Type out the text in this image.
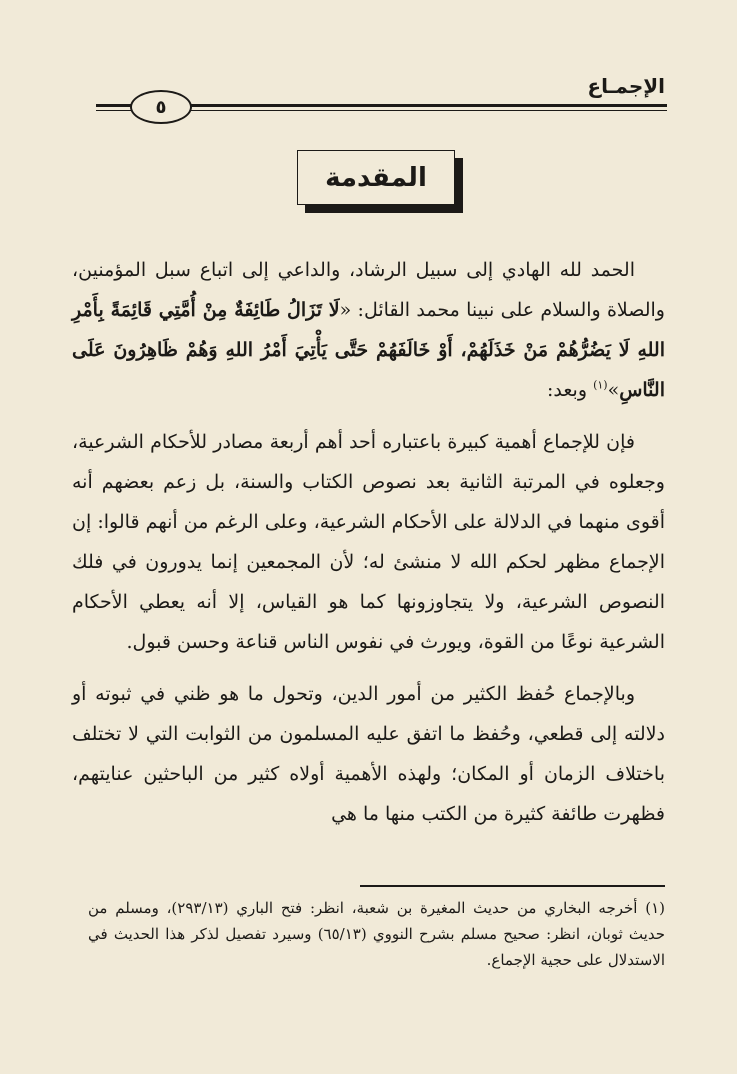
الإجمـاع
٥
المقدمة

الحمد لله الهادي إلى سبيل الرشاد، والداعي إلى اتباع سبل المؤمنين، والصلاة والسلام على نبينا محمد القائل: «لَا تَزَالُ طَائِفَةٌ مِنْ أُمَّتِي قَائِمَةً بِأَمْرِ اللهِ لَا يَضُرُّهُمْ مَنْ خَذَلَهُمْ، أَوْ خَالَفَهُمْ حَتَّى يَأْتِيَ أَمْرُ اللهِ وَهُمْ ظَاهِرُونَ عَلَى النَّاسِ»$^{(١)}$ وبعد:

فإن للإجماع أهمية كبيرة باعتباره أحد أهم أربعة مصادر للأحكام الشرعية، وجعلوه في المرتبة الثانية بعد نصوص الكتاب والسنة، بل زعم بعضهم أنه أقوى منهما في الدلالة على الأحكام الشرعية، وعلى الرغم من أنهم قالوا: إن الإجماع مظهر لحكم الله لا منشئ له؛ لأن المجمعين إنما يدورون في فلك النصوص الشرعية، ولا يتجاوزونها كما هو القياس، إلا أنه يعطي الأحكام الشرعية نوعًا من القوة، ويورث في نفوس الناس قناعة وحسن قبول.

وبالإجماع حُفظ الكثير من أمور الدين، وتحول ما هو ظني في ثبوته أو دلالته إلى قطعي، وحُفظ ما اتفق عليه المسلمون من الثوابت التي لا تختلف باختلاف الزمان أو المكان؛ ولهذه الأهمية أولاه كثير من الباحثين عنايتهم، فظهرت طائفة كثيرة من الكتب منها ما هي

(١) أخرجه البخاري من حديث المغيرة بن شعبة، انظر: فتح الباري (٢٩٣/١٣)، ومسلم من حديث ثوبان، انظر: صحيح مسلم بشرح النووي (٦٥/١٣) وسيرد تفصيل لذكر هذا الحديث في الاستدلال على حجية الإجماع.
